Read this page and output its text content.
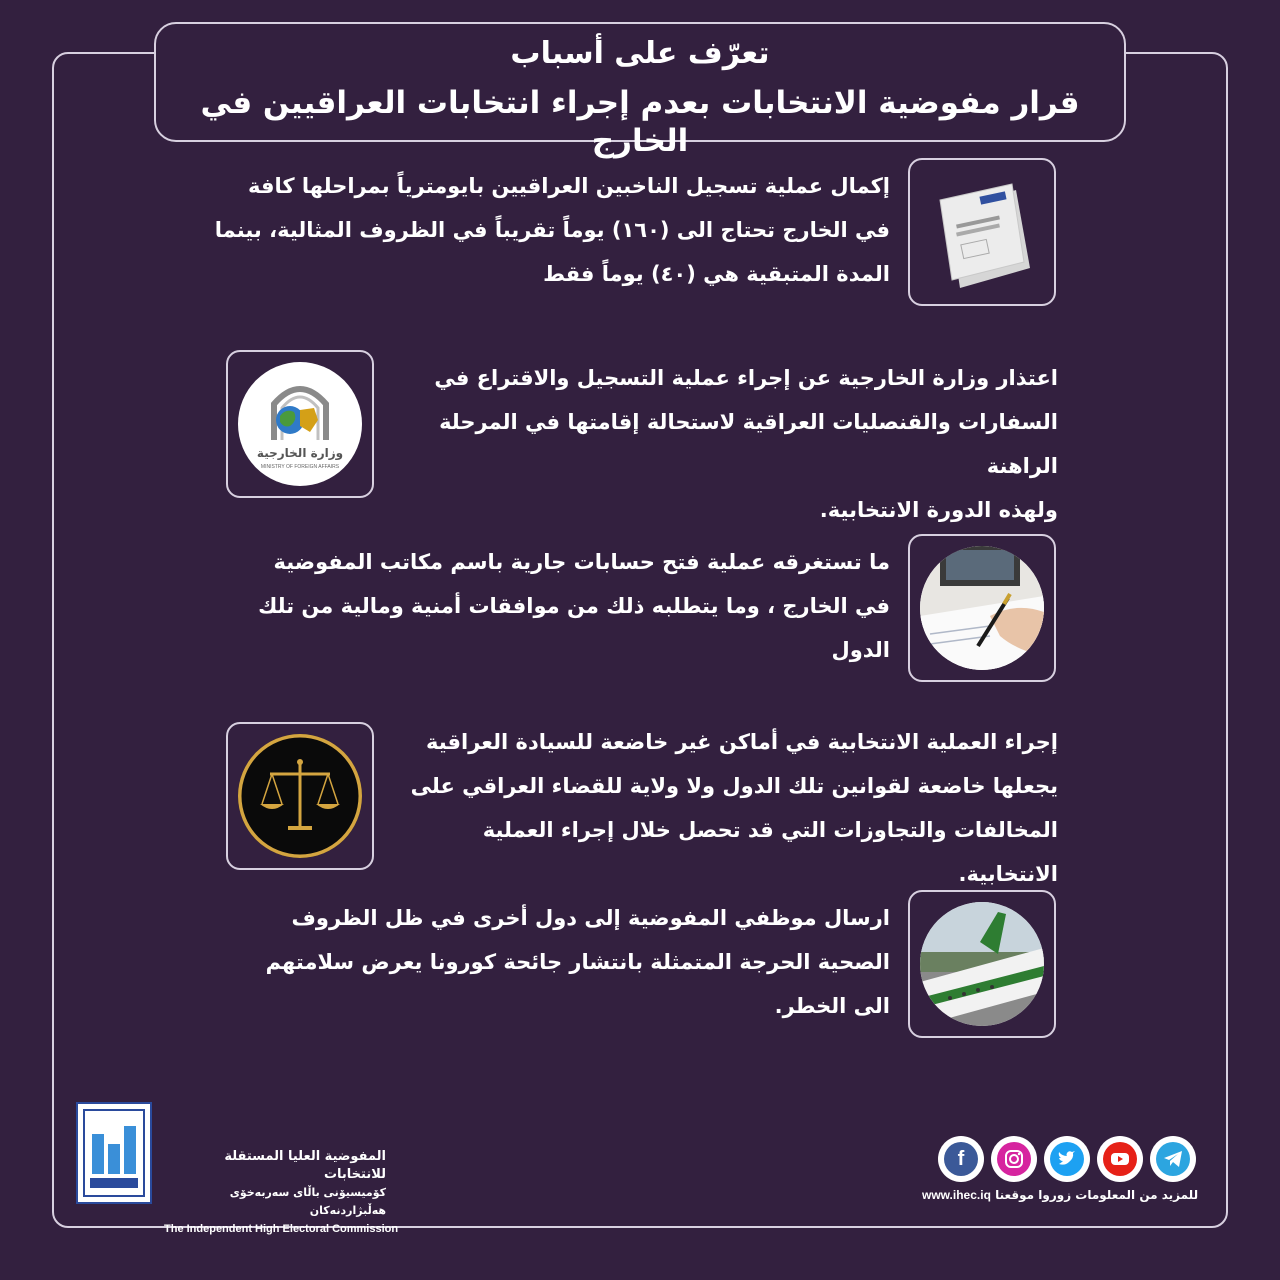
تعرّف على أسباب
قرار مفوضية الانتخابات بعدم إجراء انتخابات العراقيين في الخارج

إكمال عملية تسجيل الناخبين العراقيين بايومترياً بمراحلها كافة

في الخارج تحتاج الى (١٦٠) يوماً تقريباً في الظروف المثالية، بينما

المدة المتبقية هي (٤٠) يوماً فقط

وزارة الخارجية
MINISTRY OF FOREIGN AFFAIRS

اعتذار وزارة الخارجية عن إجراء عملية التسجيل والاقتراع في

السفارات والقنصليات العراقية لاستحالة إقامتها في المرحلة الراهنة

ولهذه الدورة الانتخابية.

ما تستغرقه عملية فتح حسابات جارية باسم مكاتب المفوضية

في الخارج ، وما يتطلبه ذلك من موافقات أمنية ومالية من تلك

الدول

إجراء العملية الانتخابية في أماكن غير خاضعة للسيادة العراقية

يجعلها خاضعة لقوانين تلك الدول ولا ولاية للقضاء العراقي على

المخالفات والتجاوزات التي قد تحصل خلال إجراء العملية الانتخابية.

ارسال موظفي المفوضية إلى دول أخرى في ظل الظروف

الصحية الحرجة المتمثلة بانتشار جائحة كورونا يعرض سلامتهم

الى الخطر.

المفوضية العليا المستقلة للانتخابات
كۆمیسیۆنی باڵای سەربەخۆی هەڵبژاردنەکان
The Independent High Electoral Commission
f
www.ihec.iq للمزيد من المعلومات زوروا موقعنا
